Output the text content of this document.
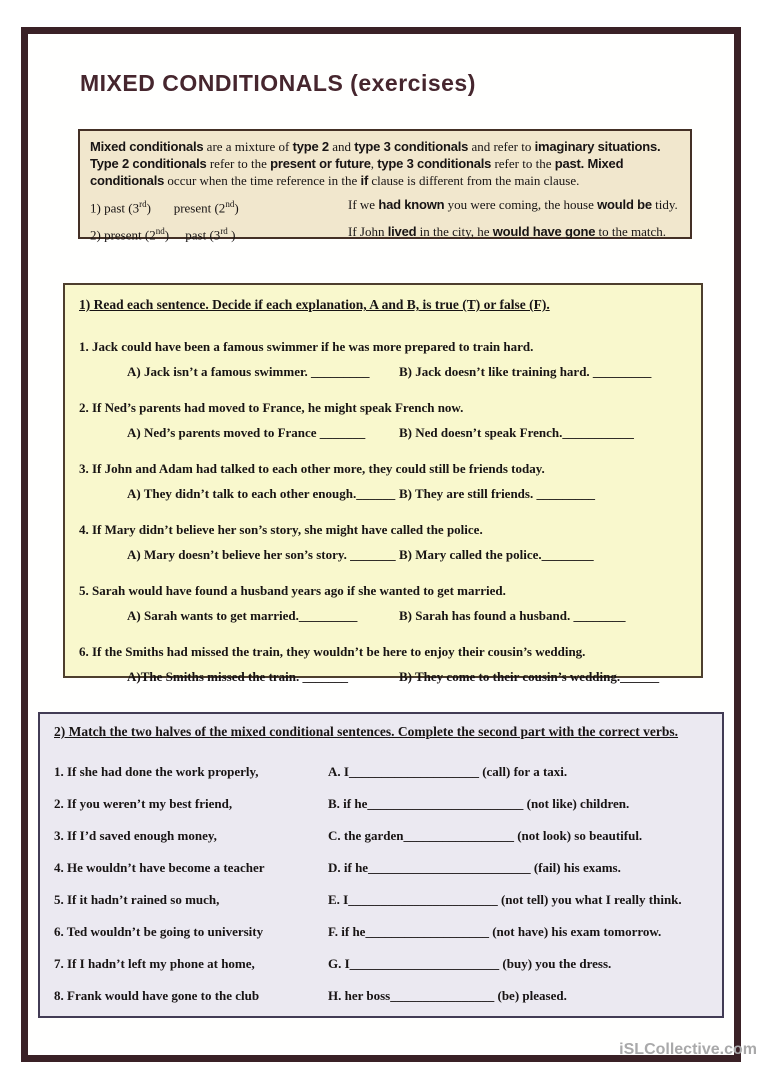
MIXED CONDITIONALS (exercises)
Mixed conditionals are a mixture of type 2 and type 3 conditionals and refer to imaginary situations. Type 2 conditionals refer to the present or future, type 3 conditionals refer to the past. Mixed conditionals occur when the time reference in the if clause is different from the main clause.
1) past (3rd)   present (2nd)	If we had known you were coming, the house would be tidy.
2) present (2nd)  past (3rd )	If John lived in the city, he would have gone to the match.
1) Read each sentence. Decide if each explanation, A and B, is true (T) or false (F).
1. Jack could have been a famous swimmer if he was more prepared to train hard.
A) Jack isn’t a famous swimmer. _________	B) Jack doesn’t like training hard. _________
2. If Ned’s parents had moved to France, he might speak French now.
A) Ned’s parents moved to France _______	B) Ned doesn’t speak French.___________
3. If John and Adam had talked to each other more, they could still be friends today.
A) They didn’t talk to each other enough.______ B) They are still friends. _________
4. If Mary didn’t believe her son’s story, she might have called the police.
A) Mary doesn’t believe her son’s story. _______ B) Mary called the police.________
5. Sarah would have found a husband years ago if she wanted to get married.
A) Sarah wants to get married._________	B) Sarah has found a husband. ________
6. If the Smiths had missed the train, they wouldn’t be here to enjoy their cousin’s wedding.
A)The Smiths missed the train. _______	B) They come to their cousin’s wedding.______
2) Match the two halves of the mixed conditional sentences. Complete the second part with the correct verbs.
1. If she had done the work properly,	A. I____________________ (call) for a taxi.
2. If you weren’t my best friend,	B. if he________________________ (not like) children.
3. If I’d saved enough money,	C. the garden_________________ (not look) so beautiful.
4. He wouldn’t have become a teacher	D. if he_________________________ (fail) his exams.
5. If it hadn’t rained so much,	E. I_______________________ (not tell) you what I really think.
6. Ted wouldn’t be going to university	F. if he___________________ (not have) his exam tomorrow.
7. If I hadn’t left my phone at home,	G. I_______________________ (buy) you the dress.
8. Frank would have gone to the club	H. her boss________________ (be) pleased.
iSLCollective.com
